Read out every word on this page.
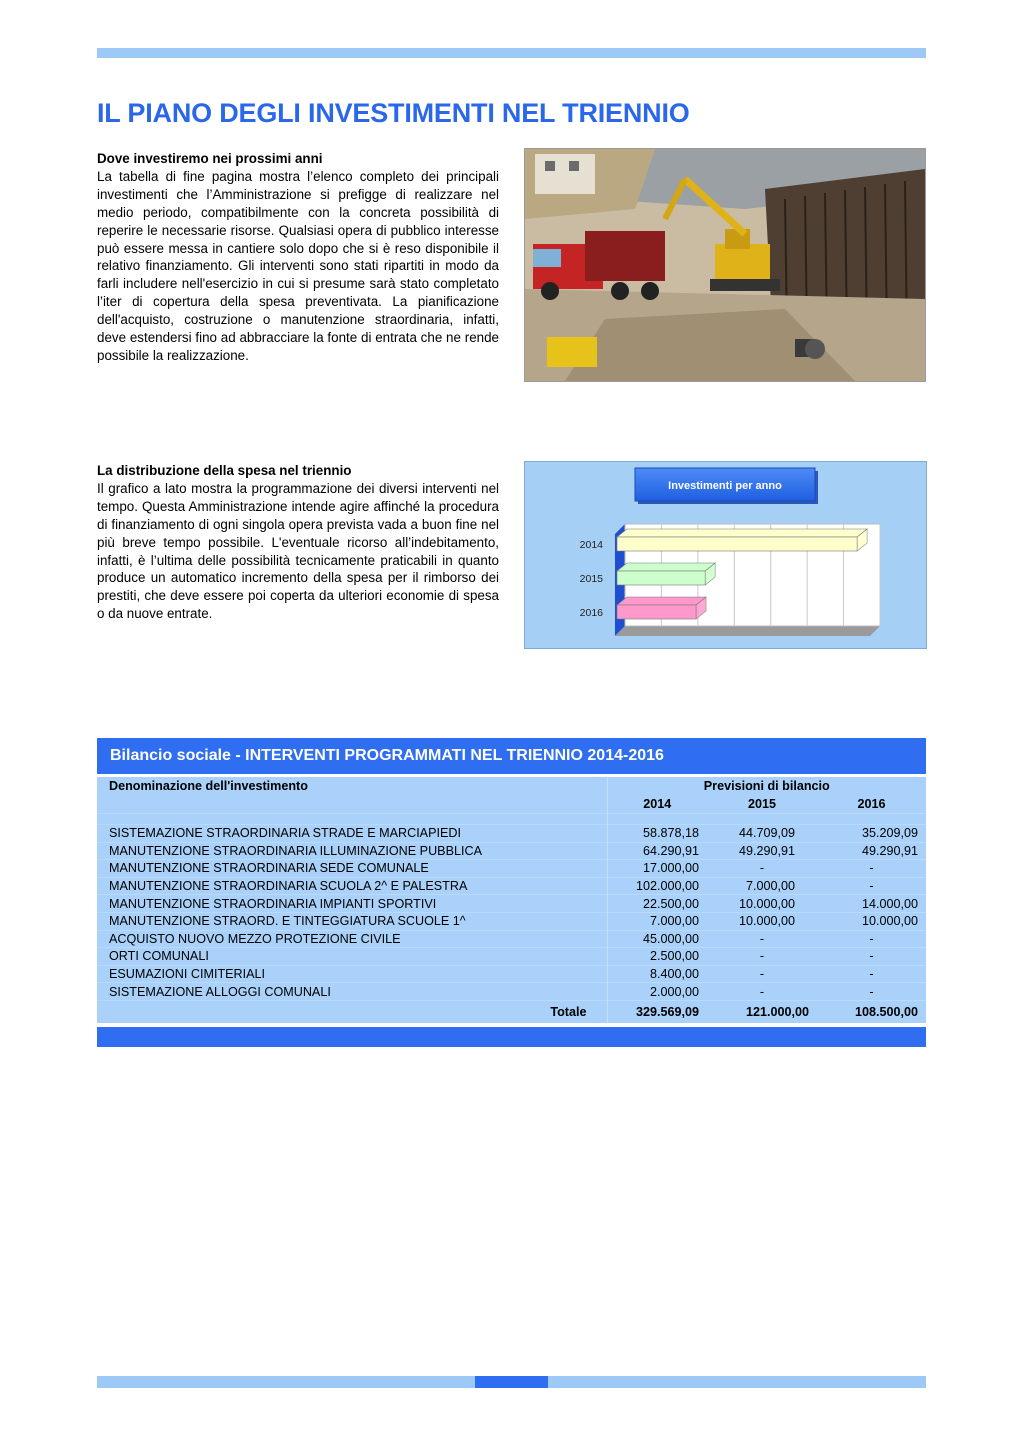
IL PIANO DEGLI INVESTIMENTI NEL TRIENNIO
Dove investiremo nei prossimi anni

La tabella di fine pagina mostra l’elenco completo dei principali investimenti che l’Amministrazione si prefigge di realizzare nel medio periodo, compatibilmente con la concreta possibilità di reperire le necessarie risorse. Qualsiasi opera di pubblico interesse può essere messa in cantiere solo dopo che si è reso disponibile il relativo finanziamento. Gli interventi sono stati ripartiti in modo da farli includere nell'esercizio in cui si presume sarà stato completato l’iter di copertura della spesa preventivata. La pianificazione dell'acquisto, costruzione o manutenzione straordinaria, infatti, deve estendersi fino ad abbracciare la fonte di entrata che ne rende possibile la realizzazione.

La distribuzione della spesa nel triennio

Il grafico a lato mostra la programmazione dei diversi interventi nel tempo. Questa Amministrazione intende agire affinché la procedura di finanziamento di ogni singola opera prevista vada a buon fine nel più breve tempo possibile. L'eventuale ricorso all’indebitamento, infatti, è l’ultima delle possibilità tecnicamente praticabili in quanto produce un automatico incremento della spesa per il rimborso dei prestiti, che deve essere poi coperta da ulteriori economie di spesa o da nuove entrate.

Investimenti per anno
2014
2015
2016
Bilancio sociale - INTERVENTI PROGRAMMATI NEL TRIENNIO 2014-2016
Denominazione dell'investimento	Previsioni di bilancio		
	2014	2015	2016

SISTEMAZIONE STRAORDINARIA STRADE E MARCIAPIEDI	58.878,18	44.709,09	35.209,09
MANUTENZIONE STRAORDINARIA ILLUMINAZIONE PUBBLICA	64.290,91	49.290,91	49.290,91
MANUTENZIONE STRAORDINARIA SEDE COMUNALE	17.000,00	-	-
MANUTENZIONE STRAORDINARIA SCUOLA 2^ E PALESTRA	102.000,00	7.000,00	-
MANUTENZIONE STRAORDINARIA IMPIANTI SPORTIVI	22.500,00	10.000,00	14.000,00
MANUTENZIONE STRAORD. E TINTEGGIATURA SCUOLE 1^	7.000,00	10.000,00	10.000,00
ACQUISTO NUOVO MEZZO PROTEZIONE CIVILE	45.000,00	-	-
ORTI COMUNALI	2.500,00	-	-
ESUMAZIONI CIMITERIALI	8.400,00	-	-
SISTEMAZIONE ALLOGGI COMUNALI	2.000,00	-	-
Totale	329.569,09	121.000,00	108.500,00
